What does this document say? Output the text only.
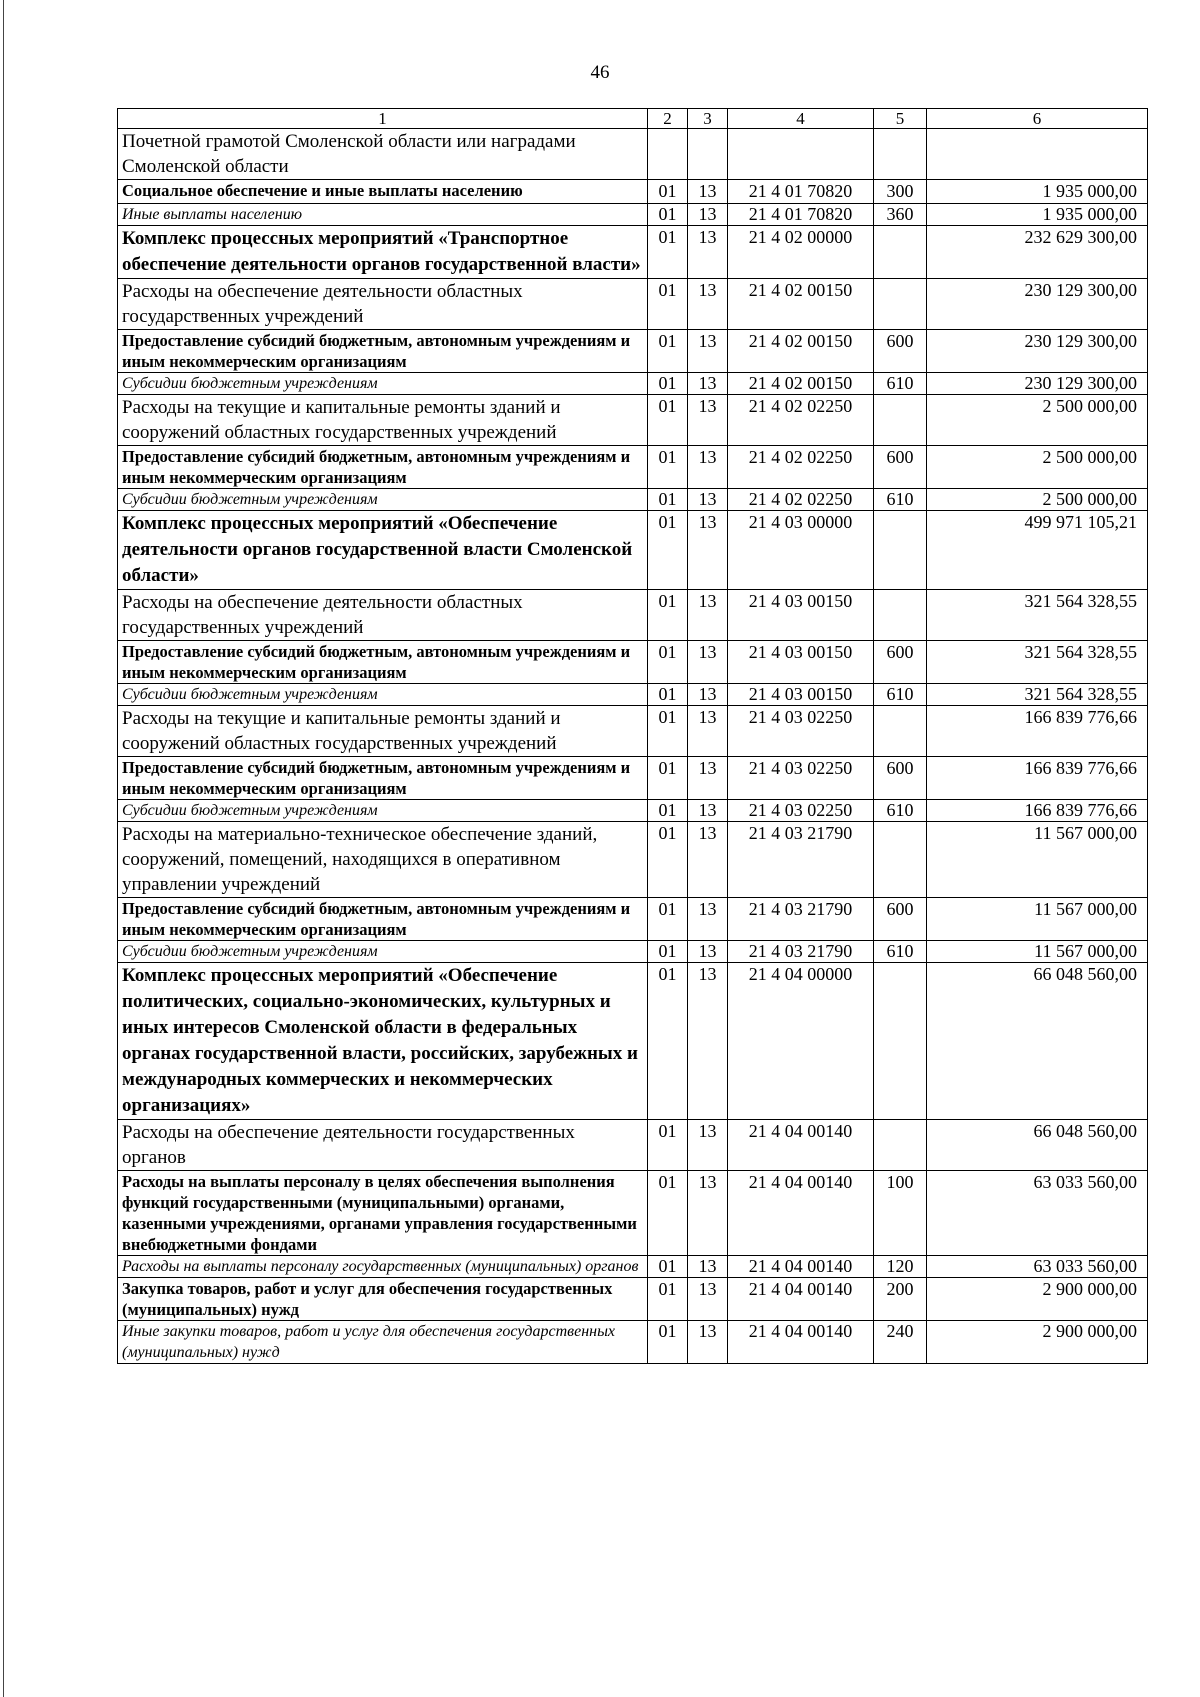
46
1	2	3	4	5	6
Почетной грамотой Смоленской области или наградами Смоленской области					
Социальное обеспечение и иные выплаты населению	01	13	21 4 01 70820	300	1 935 000,00
Иные выплаты населению	01	13	21 4 01 70820	360	1 935 000,00
Комплекс процессных мероприятий «Транспортное обеспечение деятельности органов государственной власти»	01	13	21 4 02 00000		232 629 300,00
Расходы на обеспечение деятельности областных государственных учреждений	01	13	21 4 02 00150		230 129 300,00
Предоставление субсидий бюджетным, автономным учреждениям и иным некоммерческим организациям	01	13	21 4 02 00150	600	230 129 300,00
Субсидии бюджетным учреждениям	01	13	21 4 02 00150	610	230 129 300,00
Расходы на текущие и капитальные ремонты зданий и сооружений областных государственных учреждений	01	13	21 4 02 02250		2 500 000,00
Предоставление субсидий бюджетным, автономным учреждениям и иным некоммерческим организациям	01	13	21 4 02 02250	600	2 500 000,00
Субсидии бюджетным учреждениям	01	13	21 4 02 02250	610	2 500 000,00
Комплекс процессных мероприятий «Обеспечение деятельности органов государственной власти Смоленской области»	01	13	21 4 03 00000		499 971 105,21
Расходы на обеспечение деятельности областных государственных учреждений	01	13	21 4 03 00150		321 564 328,55
Предоставление субсидий бюджетным, автономным учреждениям и иным некоммерческим организациям	01	13	21 4 03 00150	600	321 564 328,55
Субсидии бюджетным учреждениям	01	13	21 4 03 00150	610	321 564 328,55
Расходы на текущие и капитальные ремонты зданий и сооружений областных государственных учреждений	01	13	21 4 03 02250		166 839 776,66
Предоставление субсидий бюджетным, автономным учреждениям и иным некоммерческим организациям	01	13	21 4 03 02250	600	166 839 776,66
Субсидии бюджетным учреждениям	01	13	21 4 03 02250	610	166 839 776,66
Расходы на материально-техническое обеспечение зданий, сооружений, помещений, находящихся в оперативном управлении учреждений	01	13	21 4 03 21790		11 567 000,00
Предоставление субсидий бюджетным, автономным учреждениям и иным некоммерческим организациям	01	13	21 4 03 21790	600	11 567 000,00
Субсидии бюджетным учреждениям	01	13	21 4 03 21790	610	11 567 000,00
Комплекс процессных мероприятий «Обеспечение политических, социально-экономических, культурных и иных интересов Смоленской области в федеральных органах государственной власти, российских, зарубежных и международных коммерческих и некоммерческих организациях»	01	13	21 4 04 00000		66 048 560,00
Расходы на обеспечение деятельности государственных органов	01	13	21 4 04 00140		66 048 560,00
Расходы на выплаты персоналу в целях обеспечения выполнения функций государственными (муниципальными) органами, казенными учреждениями, органами управления государственными внебюджетными фондами	01	13	21 4 04 00140	100	63 033 560,00
Расходы на выплаты персоналу государственных (муниципальных) органов	01	13	21 4 04 00140	120	63 033 560,00
Закупка товаров, работ и услуг для обеспечения государственных (муниципальных) нужд	01	13	21 4 04 00140	200	2 900 000,00
Иные закупки товаров, работ и услуг для обеспечения государственных (муниципальных) нужд	01	13	21 4 04 00140	240	2 900 000,00
